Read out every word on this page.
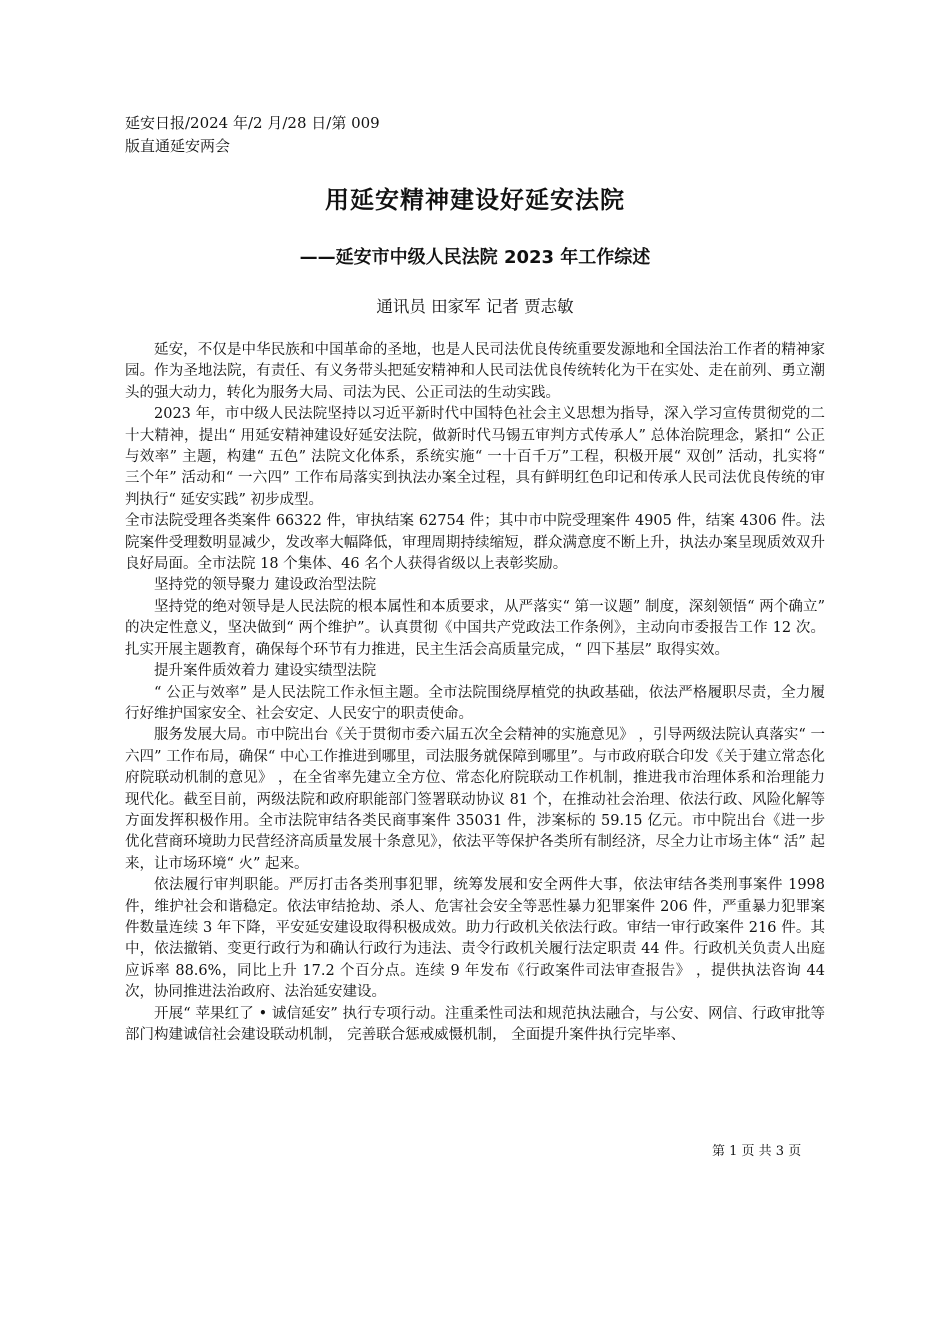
延安日报/2024 年/2 月/28 日/第 009
版直通延安两会
用延安精神建设好延安法院
——延安市中级人民法院 2023 年工作综述
通讯员 田家军 记者 贾志敏

延安，不仅是中华民族和中国革命的圣地，也是人民司法优良传统重要发源地和全国法治工作者的精神家园。作为圣地法院，有责任、有义务带头把延安精神和人民司法优良传统转化为干在实处、走在前列、勇立潮头的强大动力，转化为服务大局、司法为民、公正司法的生动实践。

2023 年，市中级人民法院坚持以习近平新时代中国特色社会主义思想为指导，深入学习宣传贯彻党的二十大精神，提出“ 用延安精神建设好延安法院，做新时代马锡五审判方式传承人” 总体治院理念，紧扣“ 公正与效率” 主题，构建“ 五色” 法院文化体系，系统实施“ 一十百千万”工程，积极开展“ 双创” 活动，扎实将“ 三个年” 活动和“ 一六四” 工作布局落实到执法办案全过程，具有鲜明红色印记和传承人民司法优良传统的审判执行“ 延安实践” 初步成型。

全市法院受理各类案件 66322 件，审执结案 62754 件；其中市中院受理案件 4905 件，结案 4306 件。法院案件受理数明显减少，发改率大幅降低，审理周期持续缩短，群众满意度不断上升，执法办案呈现质效双升良好局面。全市法院 18 个集体、46 名个人获得省级以上表彰奖励。

坚持党的领导聚力 建设政治型法院

坚持党的绝对领导是人民法院的根本属性和本质要求，从严落实“ 第一议题” 制度，深刻领悟“ 两个确立” 的决定性意义，坚决做到“ 两个维护”。认真贯彻《中国共产党政法工作条例》，主动向市委报告工作 12 次。扎实开展主题教育，确保每个环节有力推进，民主生活会高质量完成，“ 四下基层” 取得实效。

提升案件质效着力 建设实绩型法院

“ 公正与效率” 是人民法院工作永恒主题。全市法院围绕厚植党的执政基础，依法严格履职尽责，全力履行好维护国家安全、社会安定、人民安宁的职责使命。

服务发展大局。市中院出台《关于贯彻市委六届五次全会精神的实施意见》 ，引导两级法院认真落实“ 一六四” 工作布局，确保“ 中心工作推进到哪里，司法服务就保障到哪里”。与市政府联合印发《关于建立常态化府院联动机制的意见》 ，在全省率先建立全方位、常态化府院联动工作机制，推进我市治理体系和治理能力现代化。截至目前，两级法院和政府职能部门签署联动协议 81 个，在推动社会治理、依法行政、风险化解等方面发挥积极作用。全市法院审结各类民商事案件 35031 件，涉案标的 59.15 亿元。市中院出台《进一步优化营商环境助力民营经济高质量发展十条意见》，依法平等保护各类所有制经济，尽全力让市场主体“ 活” 起来，让市场环境“ 火” 起来。

依法履行审判职能。严厉打击各类刑事犯罪，统筹发展和安全两件大事，依法审结各类刑事案件 1998 件，维护社会和谐稳定。依法审结抢劫、杀人、危害社会安全等恶性暴力犯罪案件 206 件，严重暴力犯罪案件数量连续 3 年下降，平安延安建设取得积极成效。助力行政机关依法行政。审结一审行政案件 216 件。其中，依法撤销、变更行政行为和确认行政行为违法、责令行政机关履行法定职责 44 件。行政机关负责人出庭应诉率 88.6%，同比上升 17.2 个百分点。连续 9 年发布《行政案件司法审查报告》 ，提供执法咨询 44 次，协同推进法治政府、法治延安建设。

开展“ 苹果红了 • 诚信延安” 执行专项行动。注重柔性司法和规范执法融合，与公安、网信、行政审批等部门构建诚信社会建设联动机制， 完善联合惩戒威慑机制， 全面提升案件执行完毕率、

第 1 页 共 3 页
